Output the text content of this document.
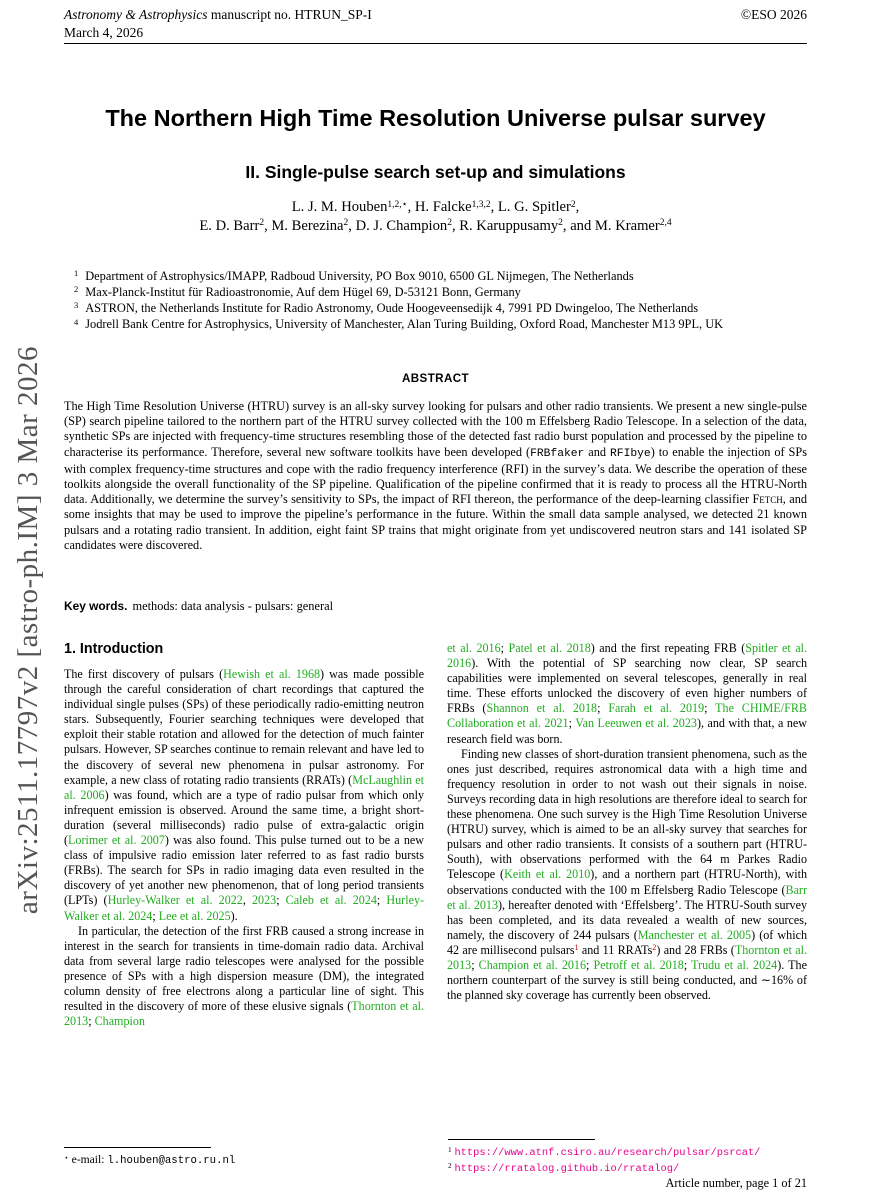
arXiv:2511.17797v2 [astro-ph.IM] 3 Mar 2026
Astronomy & Astrophysics manuscript no. HTRUN_SP-I
March 4, 2026
©ESO 2026
The Northern High Time Resolution Universe pulsar survey
II. Single-pulse search set-up and simulations
L. J. M. Houben$^{1,2,⋆}$, H. Falcke$^{1,3,2}$, L. G. Spitler$^2$,
E. D. Barr$^2$, M. Berezina$^2$, D. J. Champion$^2$, R. Karuppusamy$^2$, and M. Kramer$^{2,4}$
$^1$ Department of Astrophysics/IMAPP, Radboud University, PO Box 9010, 6500 GL Nijmegen, The Netherlands
$^2$ Max-Planck-Institut für Radioastronomie, Auf dem Hügel 69, D-53121 Bonn, Germany
$^3$ ASTRON, the Netherlands Institute for Radio Astronomy, Oude Hoogeveensedijk 4, 7991 PD Dwingeloo, The Netherlands
$^4$ Jodrell Bank Centre for Astrophysics, University of Manchester, Alan Turing Building, Oxford Road, Manchester M13 9PL, UK
ABSTRACT

The High Time Resolution Universe (HTRU) survey is an all-sky survey looking for pulsars and other radio transients. We present a new single-pulse (SP) search pipeline tailored to the northern part of the HTRU survey collected with the 100 m Effelsberg Radio Telescope. In a selection of the data, synthetic SPs are injected with frequency-time structures resembling those of the detected fast radio burst population and processed by the pipeline to characterise its performance. Therefore, several new software toolkits have been developed (FRBfaker and RFIbye) to enable the injection of SPs with complex frequency-time structures and cope with the radio frequency interference (RFI) in the survey’s data. We describe the operation of these toolkits alongside the overall functionality of the SP pipeline. Qualification of the pipeline confirmed that it is ready to process all the HTRU-North data. Additionally, we determine the survey’s sensitivity to SPs, the impact of RFI thereon, the performance of the deep-learning classifier Fetch, and some insights that may be used to improve the pipeline’s performance in the future. Within the small data sample analysed, we detected 21 known pulsars and a rotating radio transient. In addition, eight faint SP trains that might originate from yet undiscovered neutron stars and 141 isolated SP candidates were discovered.

Key words. methods: data analysis - pulsars: general

1. Introduction

The first discovery of pulsars (Hewish et al. 1968) was made possible through the careful consideration of chart recordings that captured the individual single pulses (SPs) of these periodically radio-emitting neutron stars. Subsequently, Fourier searching techniques were developed that exploit their stable rotation and allowed for the detection of much fainter pulsars. However, SP searches continue to remain relevant and have led to the discovery of several new phenomena in pulsar astronomy. For example, a new class of rotating radio transients (RRATs) (McLaughlin et al. 2006) was found, which are a type of radio pulsar from which only infrequent emission is observed. Around the same time, a bright short-duration (several milliseconds) radio pulse of extra-galactic origin (Lorimer et al. 2007) was also found. This pulse turned out to be a new class of impulsive radio emission later referred to as fast radio bursts (FRBs). The search for SPs in radio imaging data even resulted in the discovery of yet another new phenomenon, that of long period transients (LPTs) (Hurley-Walker et al. 2022, 2023; Caleb et al. 2024; Hurley-Walker et al. 2024; Lee et al. 2025).

In particular, the detection of the first FRB caused a strong increase in interest in the search for transients in time-domain radio data. Archival data from several large radio telescopes were analysed for the possible presence of SPs with a high dispersion measure (DM), the integrated column density of free electrons along a particular line of sight. This resulted in the discovery of more of these elusive signals (Thornton et al. 2013; Champion

et al. 2016; Patel et al. 2018) and the first repeating FRB (Spitler et al. 2016). With the potential of SP searching now clear, SP search capabilities were implemented on several telescopes, generally in real time. These efforts unlocked the discovery of even higher numbers of FRBs (Shannon et al. 2018; Farah et al. 2019; The CHIME/FRB Collaboration et al. 2021; Van Leeuwen et al. 2023), and with that, a new research field was born.

Finding new classes of short-duration transient phenomena, such as the ones just described, requires astronomical data with a high time and frequency resolution in order to not wash out their signals in noise. Surveys recording data in high resolutions are therefore ideal to search for these phenomena. One such survey is the High Time Resolution Universe (HTRU) survey, which is aimed to be an all-sky survey that searches for pulsars and other radio transients. It consists of a southern part (HTRU-South), with observations performed with the 64 m Parkes Radio Telescope (Keith et al. 2010), and a northern part (HTRU-North), with observations conducted with the 100 m Effelsberg Radio Telescope (Barr et al. 2013), hereafter denoted with ‘Effelsberg’. The HTRU-South survey has been completed, and its data revealed a wealth of new sources, namely, the discovery of 244 pulsars (Manchester et al. 2005) (of which 42 are millisecond pulsars$^1$ and 11 RRATs$^2$) and 28 FRBs (Thornton et al. 2013; Champion et al. 2016; Petroff et al. 2018; Trudu et al. 2024). The northern counterpart of the survey is still being conducted, and ∼16% of the planned sky coverage has currently been observed.

⋆ e-mail: l.houben@astro.ru.nl
$^1$ https://www.atnf.csiro.au/research/pulsar/psrcat/
$^2$ https://rratalog.github.io/rratalog/
Article number, page 1 of 21
